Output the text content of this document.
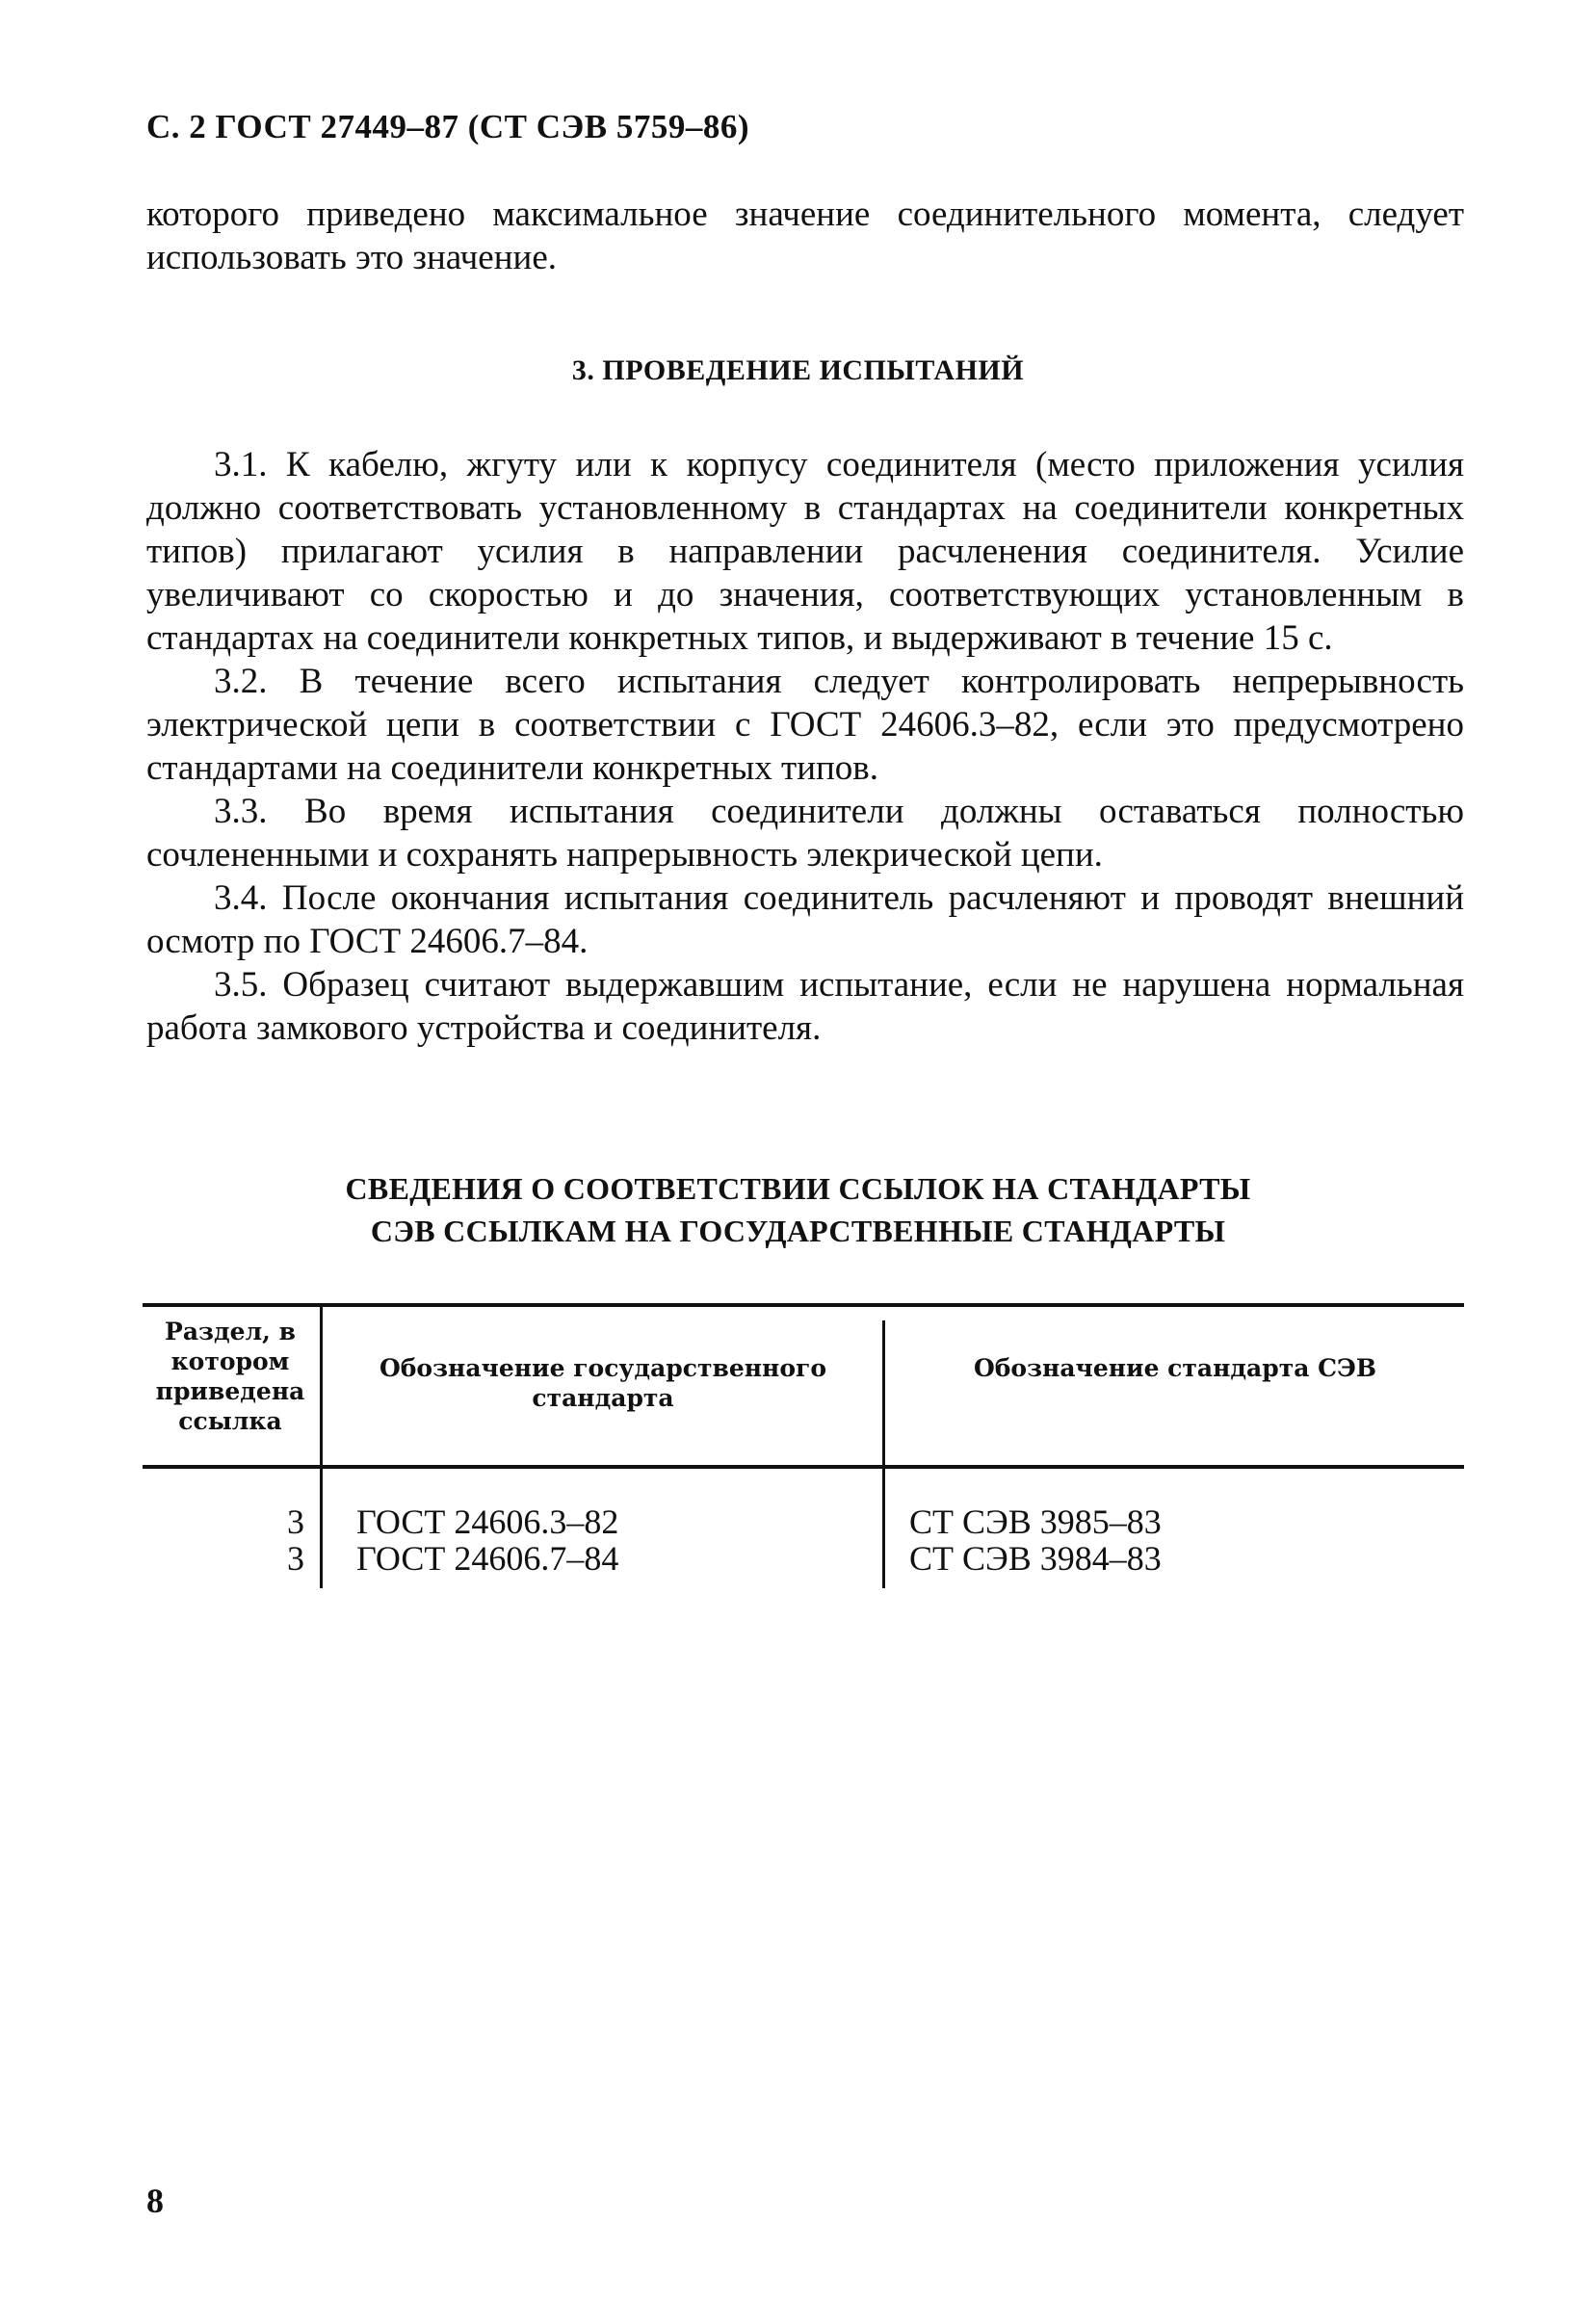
С. 2 ГОСТ 27449–87 (СТ СЭВ 5759–86)
которого приведено максимальное значение соединительного момента, следует использовать это значение.
3. ПРОВЕДЕНИЕ ИСПЫТАНИЙ

3.1. К кабелю, жгуту или к корпусу соединителя (место приложения усилия должно соответствовать установленному в стандартах на соединители конкретных типов) прилагают усилия в направлении расчленения соединителя. Усилие увеличивают со скоростью и до значения, соответствующих установленным в стандартах на соединители конкретных типов, и выдерживают в течение 15 с.

3.2. В течение всего испытания следует контролировать непрерывность электрической цепи в соответствии с ГОСТ 24606.3–82, если это предусмотрено стандартами на соединители конкретных типов.

3.3. Во время испытания соединители должны оставаться полностью сочлененными и сохранять напрерывность элекрической цепи.

3.4. После окончания испытания соединитель расчленяют и проводят внешний осмотр по ГОСТ 24606.7–84.

3.5. Образец считают выдержавшим испытание, если не нарушена нормальная работа замкового устройства и соединителя.

СВЕДЕНИЯ О СООТВЕТСТВИИ ССЫЛОК НА СТАНДАРТЫ
СЭВ ССЫЛКАМ НА ГОСУДАРСТВЕННЫЕ СТАНДАРТЫ
Раздел, в котором приведена ссылка
Обозначение государственного стандарта
Обозначение стандарта СЭВ
3 ГОСТ 24606.3–82	СТ СЭВ 3985–83
3 ГОСТ 24606.7–84	СТ СЭВ 3984–83
8
